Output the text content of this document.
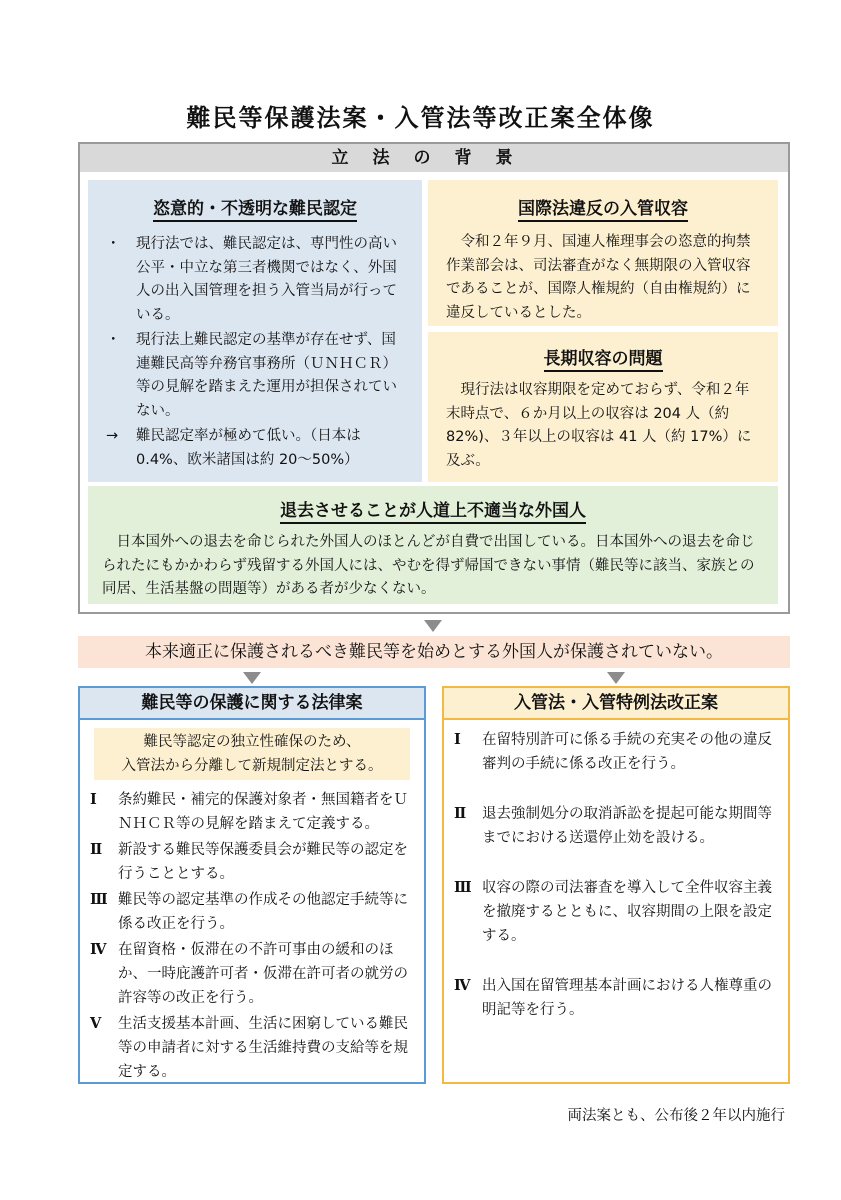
難民等保護法案・入管法等改正案全体像
立法の背景
恣意的・不透明な難民認定
・	現行法では、難民認定は、専門性の高い公平・中立な第三者機関ではなく、外国人の出入国管理を担う入管当局が行っている。
・	現行法上難民認定の基準が存在せず、国連難民高等弁務官事務所（ＵＮＨＣＲ）等の見解を踏まえた運用が担保されていない。
→	難民認定率が極めて低い。（日本は0.4%、欧米諸国は約 20～50%）
国際法違反の入管収容
令和２年９月、国連人権理事会の恣意的拘禁作業部会は、司法審査がなく無期限の入管収容であることが、国際人権規約（自由権規約）に違反しているとした。
長期収容の問題
現行法は収容期限を定めておらず、令和２年末時点で、６か月以上の収容は 204 人（約82%)、３年以上の収容は 41 人（約 17%）に及ぶ。
退去させることが人道上不適当な外国人
日本国外への退去を命じられた外国人のほとんどが自費で出国している。日本国外への退去を命じられたにもかかわらず残留する外国人には、やむを得ず帰国できない事情（難民等に該当、家族との同居、生活基盤の問題等）がある者が少なくない。
本来適正に保護されるべき難民等を始めとする外国人が保護されていない。
難民等の保護に関する法律案
難民等認定の独立性確保のため、
入管法から分離して新規制定法とする。
Ⅰ	条約難民・補完的保護対象者・無国籍者をＵＮＨＣＲ等の見解を踏まえて定義する。
Ⅱ	新設する難民等保護委員会が難民等の認定を行うこととする。
Ⅲ 難民等の認定基準の作成その他認定手続等に係る改正を行う。
Ⅳ 在留資格・仮滞在の不許可事由の緩和のほか、一時庇護許可者・仮滞在許可者の就労の許容等の改正を行う。
Ⅴ	生活支援基本計画、生活に困窮している難民等の申請者に対する生活維持費の支給等を規定する。
入管法・入管特例法改正案
Ⅰ	在留特別許可に係る手続の充実その他の違反審判の手続に係る改正を行う。
Ⅱ	退去強制処分の取消訴訟を提起可能な期間等までにおける送還停止効を設ける。
Ⅲ 収容の際の司法審査を導入して全件収容主義を撤廃するとともに、収容期間の上限を設定する。
Ⅳ 出入国在留管理基本計画における人権尊重の明記等を行う。
両法案とも、公布後２年以内施行
